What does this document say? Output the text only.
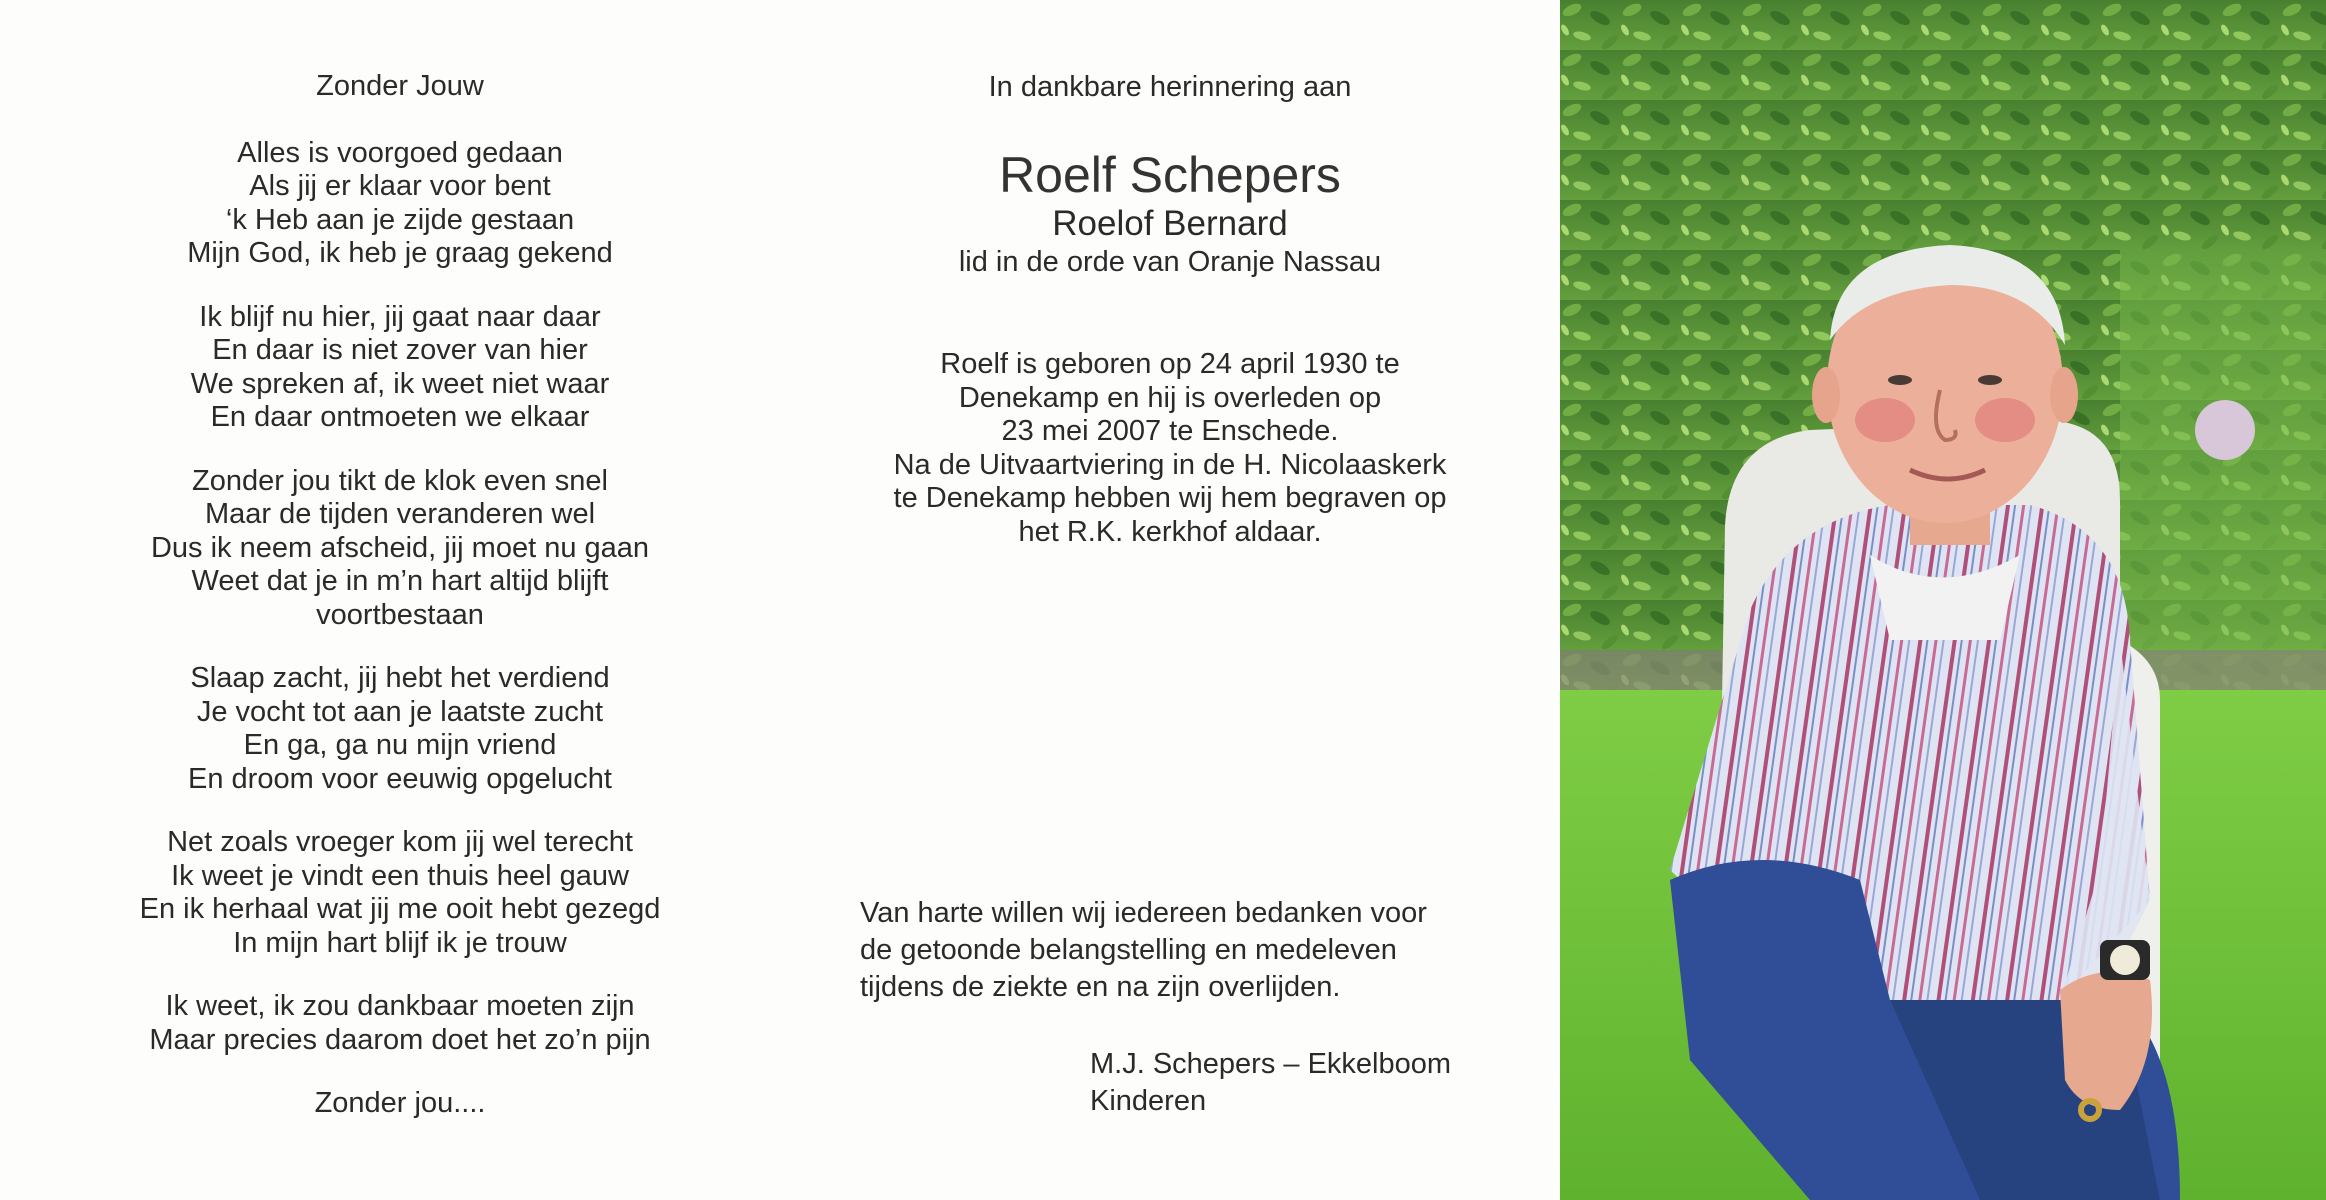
Zonder Jouw
Alles is voorgoed gedaan
Als jij er klaar voor bent
‘k Heb aan je zijde gestaan
Mijn God, ik heb je graag gekend
Ik blijf nu hier, jij gaat naar daar
En daar is niet zover van hier
We spreken af, ik weet niet waar
En daar ontmoeten we elkaar
Zonder jou tikt de klok even snel
Maar de tijden veranderen wel
Dus ik neem afscheid, jij moet nu gaan
Weet dat je in m’n hart altijd blijft
voortbestaan
Slaap zacht, jij hebt het verdiend
Je vocht tot aan je laatste zucht
En ga, ga nu mijn vriend
En droom voor eeuwig opgelucht
Net zoals vroeger kom jij wel terecht
Ik weet je vindt een thuis heel gauw
En ik herhaal wat jij me ooit hebt gezegd
In mijn hart blijf ik je trouw
Ik weet, ik zou dankbaar moeten zijn
Maar precies daarom doet het zo’n pijn
Zonder jou....
In dankbare herinnering aan
Roelf Schepers
Roelof Bernard
lid in de orde van Oranje Nassau
Roelf is geboren op 24 april 1930 te
Denekamp en hij is overleden op
23 mei 2007 te Enschede.
Na de Uitvaartviering in de H. Nicolaaskerk
te Denekamp hebben wij hem begraven op
het R.K. kerkhof aldaar.
Van harte willen wij iedereen bedanken voor
de getoonde belangstelling en medeleven
tijdens de ziekte en na zijn overlijden.
M.J. Schepers – Ekkelboom
Kinderen
